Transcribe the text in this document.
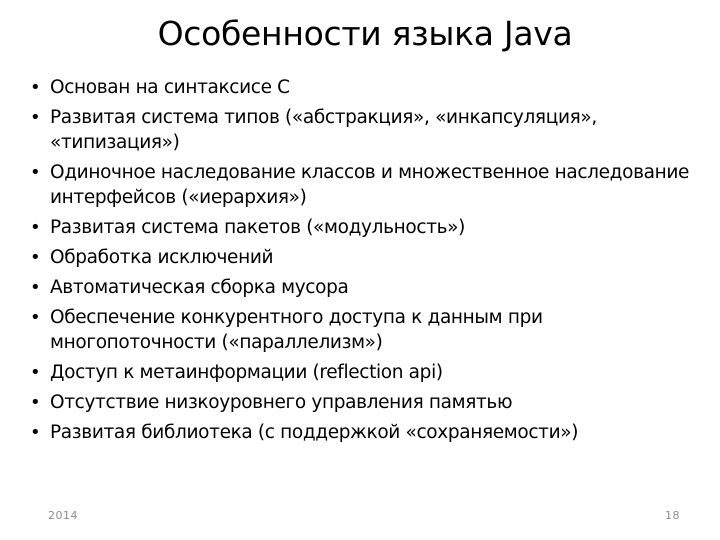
Особенности языка Java
• Основан на синтаксисе С
• Развитая система типов («абстракция», «инкапсуляция», «типизация»)
• Одиночное наследование классов и множественное наследование интерфейсов («иерархия»)
• Развитая система пакетов («модульность»)
• Обработка исключений
• Автоматическая сборка мусора
• Обеспечение конкурентного доступа к данным при многопоточности («параллелизм»)
• Доступ к метаинформации (reflection api)
• Отсутствие низкоуровнего управления памятью
• Развитая библиотека (с поддержкой «сохраняемости»)
2014	18
